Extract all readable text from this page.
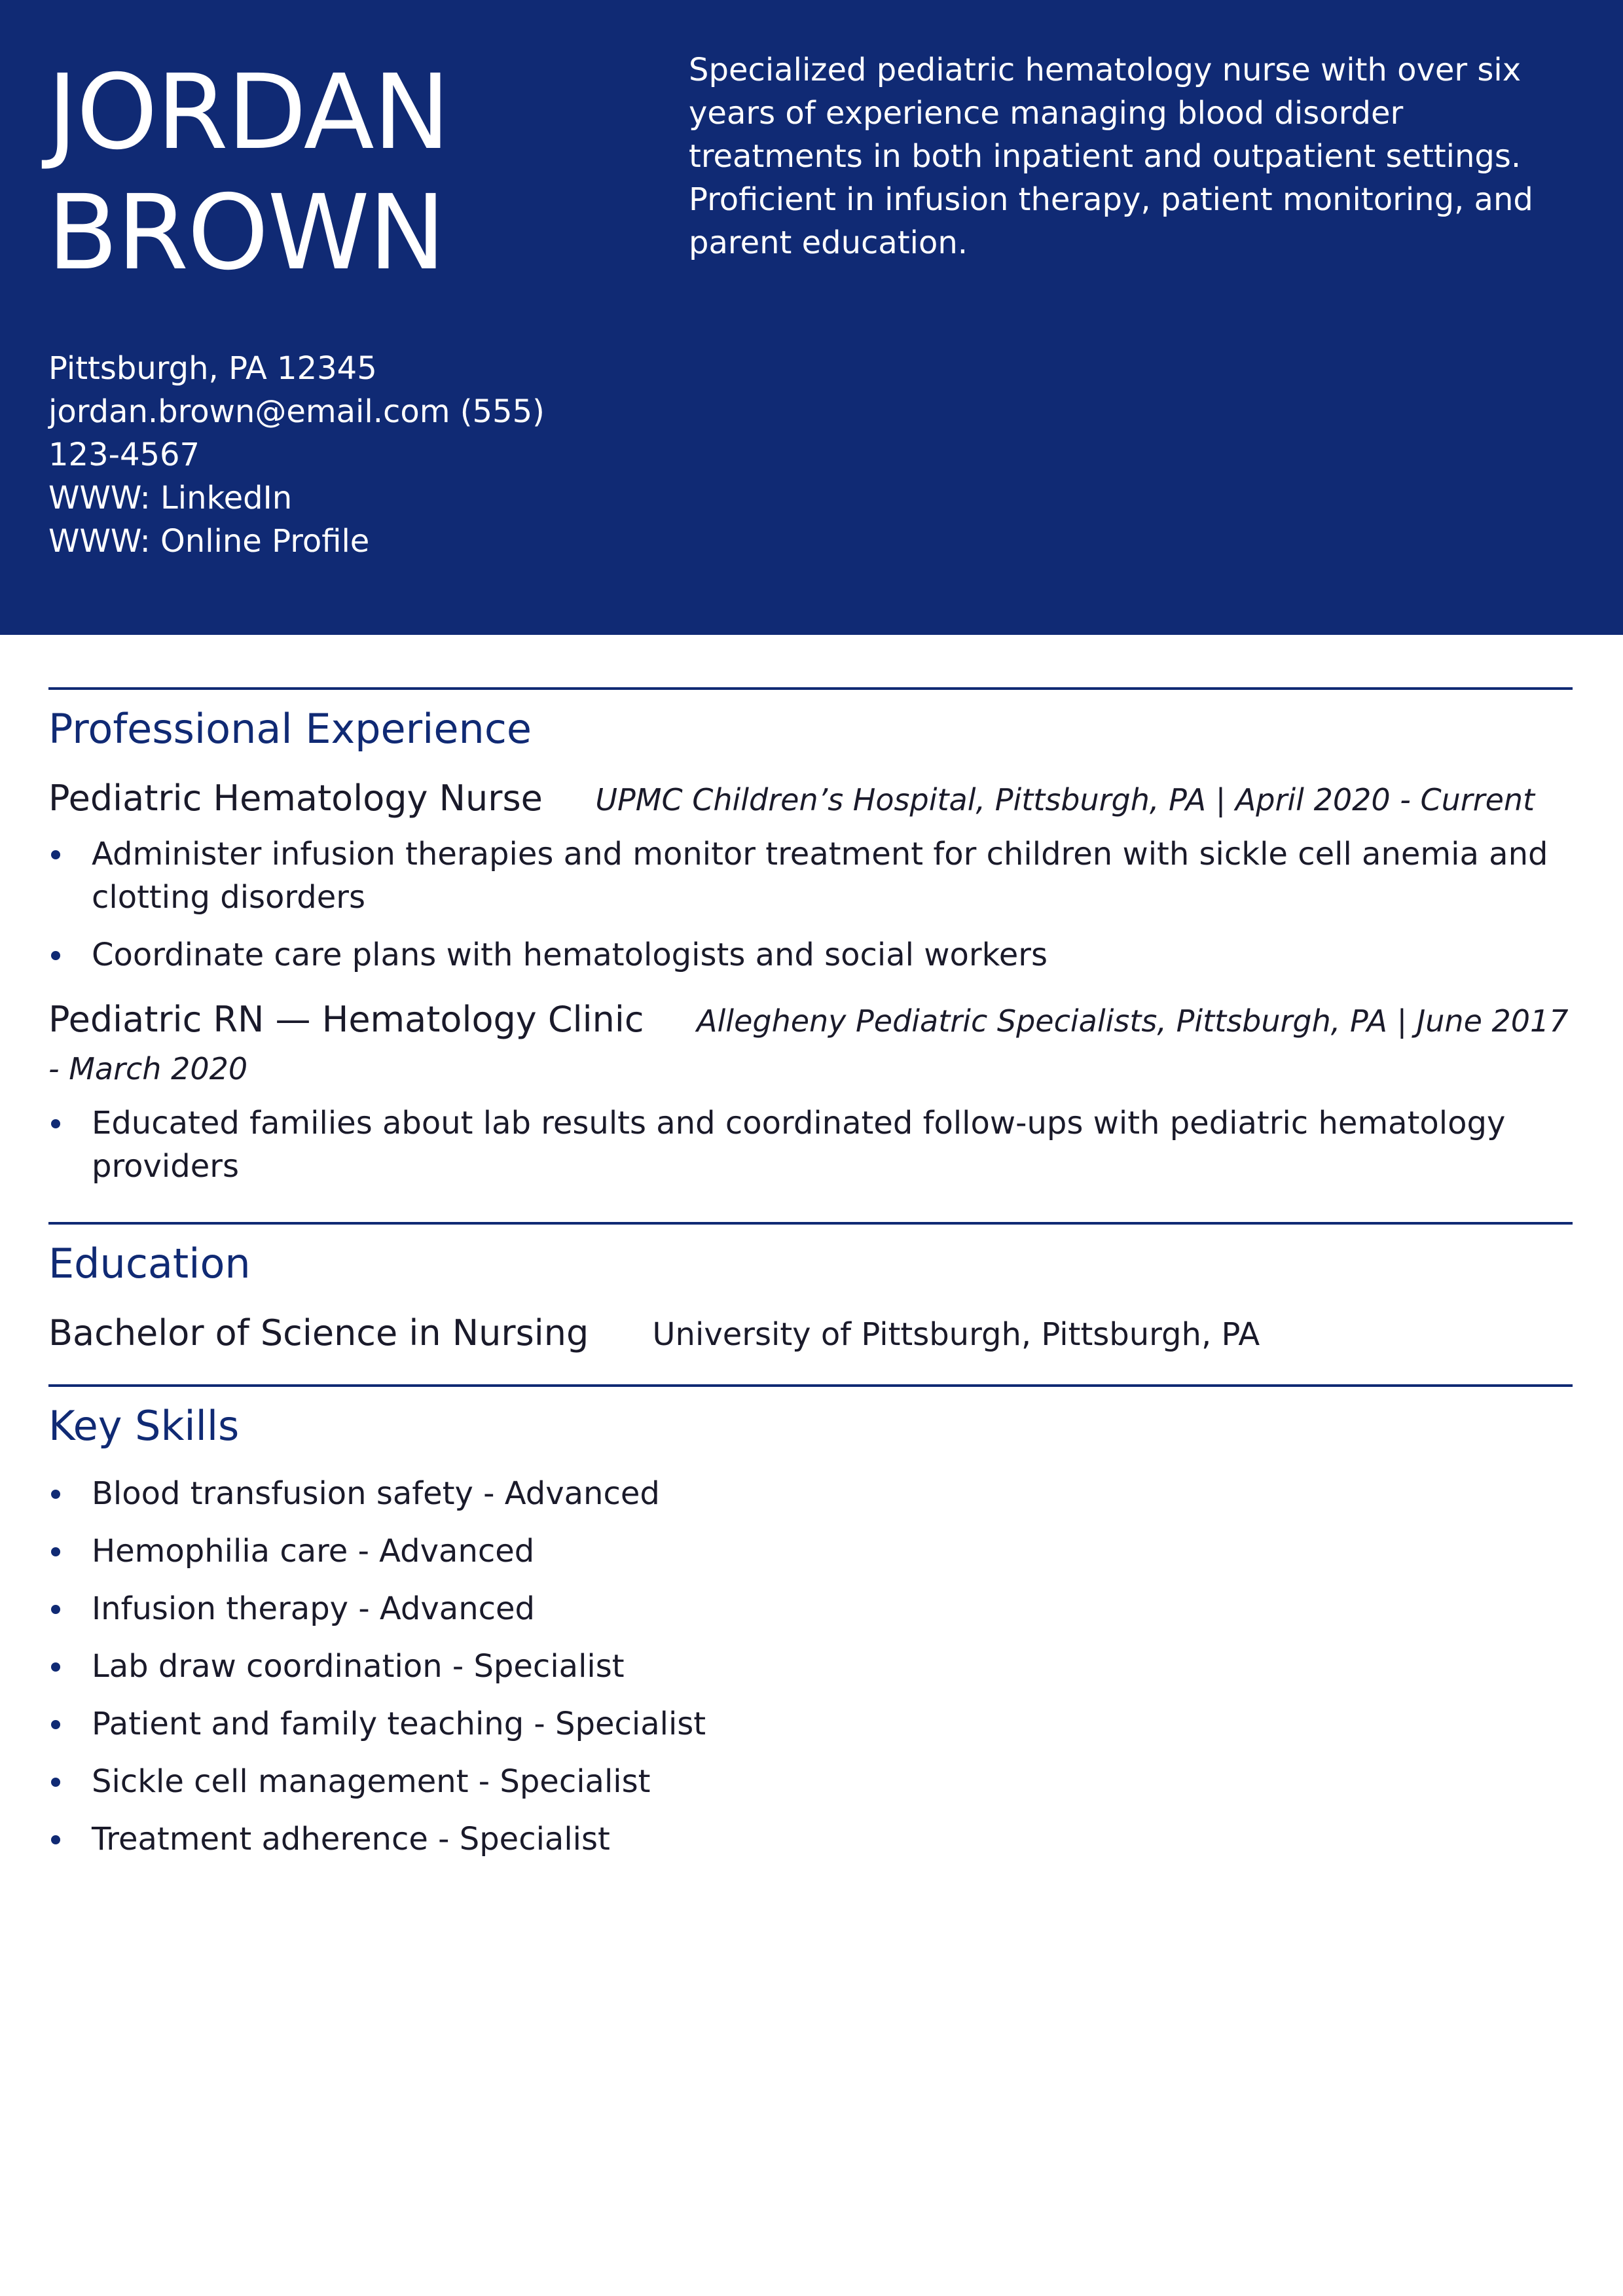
JORDAN
BROWN

Specialized pediatric hematology nurse with over six years of experience managing blood disorder treatments in both inpatient and outpatient settings. Proficient in infusion therapy, patient monitoring, and parent education.

Pittsburgh, PA 12345
jordan.brown@email.com (555)
123-4567
WWW: LinkedIn
WWW: Online Profile
Professional Experience
Pediatric Hematology Nurse UPMC Children’s Hospital, Pittsburgh, PA | April 2020 - Current
Administer infusion therapies and monitor treatment for children with sickle cell anemia and clotting disorders
Coordinate care plans with hematologists and social workers
Pediatric RN — Hematology Clinic Allegheny Pediatric Specialists, Pittsburgh, PA | June 2017 - March 2020
Educated families about lab results and coordinated follow-ups with pediatric hematology providers
Education
Bachelor of Science in Nursing University of Pittsburgh, Pittsburgh, PA
Key Skills
Blood transfusion safety - Advanced
Hemophilia care - Advanced
Infusion therapy - Advanced
Lab draw coordination - Specialist
Patient and family teaching - Specialist
Sickle cell management - Specialist
Treatment adherence - Specialist
